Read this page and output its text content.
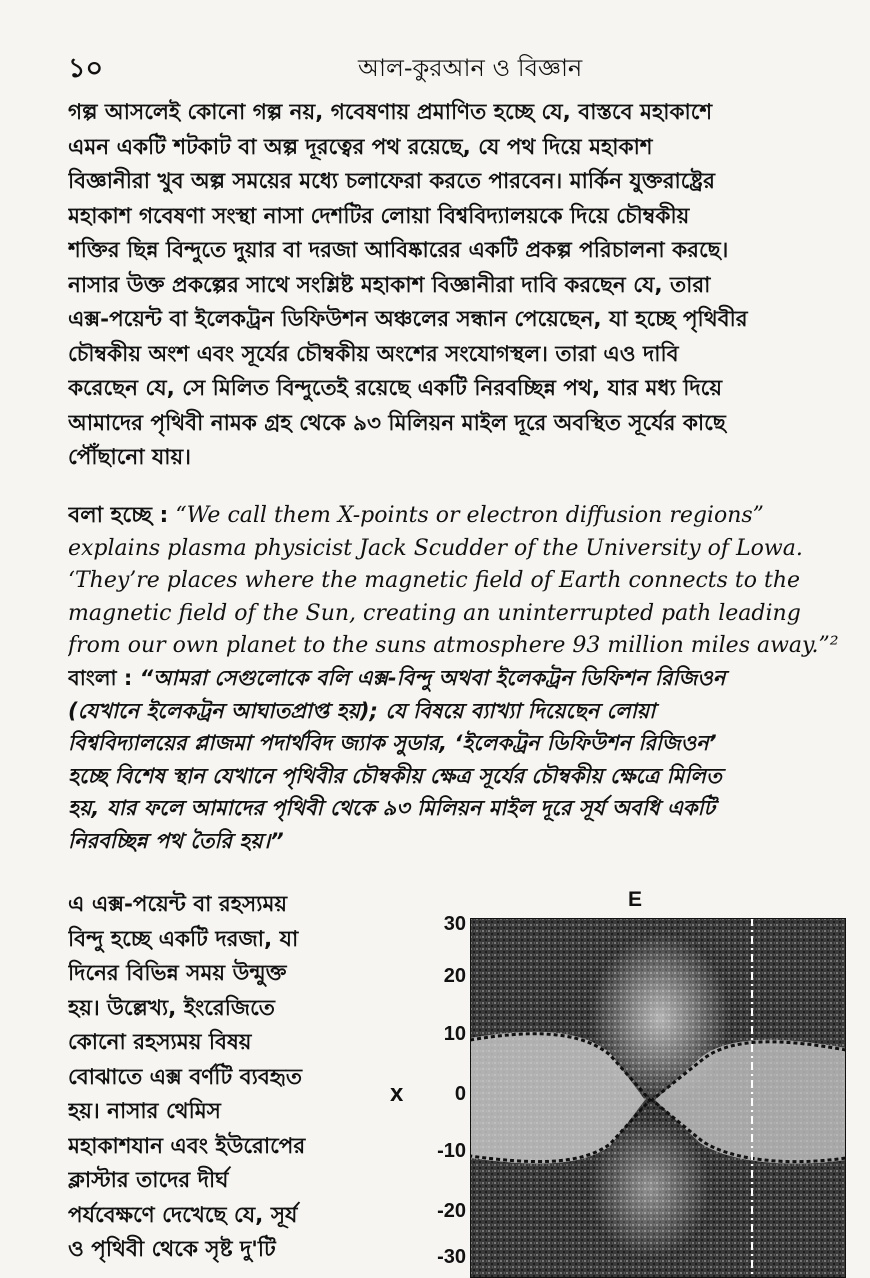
১০	আল-কুরআন ও বিজ্ঞান
গল্প আসলেই কোনো গল্প নয়, গবেষণায় প্রমাণিত হচ্ছে যে, বাস্তবে মহাকাশে
এমন একটি শটকাট বা অল্প দূরত্বের পথ রয়েছে, যে পথ দিয়ে মহাকাশ
বিজ্ঞানীরা খুব অল্প সময়ের মধ্যে চলাফেরা করতে পারবেন। মার্কিন যুক্তরাষ্ট্রের
মহাকাশ গবেষণা সংস্থা নাসা দেশটির লোয়া বিশ্ববিদ্যালয়কে দিয়ে চৌম্বকীয়
শক্তির ছিন্ন বিন্দুতে দুয়ার বা দরজা আবিষ্কারের একটি প্রকল্প পরিচালনা করছে।
নাসার উক্ত প্রকল্পের সাথে সংশ্লিষ্ট মহাকাশ বিজ্ঞানীরা দাবি করছেন যে, তারা
এক্স-পয়েন্ট বা ইলেকট্রন ডিফিউশন অঞ্চলের সন্ধান পেয়েছেন, যা হচ্ছে পৃথিবীর
চৌম্বকীয় অংশ এবং সূর্যের চৌম্বকীয় অংশের সংযোগস্থল। তারা এও দাবি
করেছেন যে, সে মিলিত বিন্দুতেই রয়েছে একটি নিরবচ্ছিন্ন পথ, যার মধ্য দিয়ে
আমাদের পৃথিবী নামক গ্রহ থেকে ৯৩ মিলিয়ন মাইল দূরে অবস্থিত সূর্যের কাছে
পৌঁছানো যায়।
বলা হচ্ছে : “We call them X-points or electron diffusion regions”
explains plasma physicist Jack Scudder of the University of Lowa.
‘They’re places where the magnetic field of Earth connects to the
magnetic field of the Sun, creating an uninterrupted path leading
from our own planet to the suns atmosphere 93 million miles away.”²
বাংলা : “আমরা সেগুলোকে বলি এক্স-বিন্দু অথবা ইলেকট্রন ডিফিশন রিজিওন
(যেখানে ইলেকট্রন আঘাতপ্রাপ্ত হয়); যে বিষয়ে ব্যাখ্যা দিয়েছেন লোয়া
বিশ্ববিদ্যালয়ের প্লাজমা পদার্থবিদ জ্যাক সুডার, ‘ইলেকট্রন ডিফিউশন রিজিওন’
হচ্ছে বিশেষ স্থান যেখানে পৃথিবীর চৌম্বকীয় ক্ষেত্র সূর্যের চৌম্বকীয় ক্ষেত্রে মিলিত
হয়, যার ফলে আমাদের পৃথিবী থেকে ৯৩ মিলিয়ন মাইল দূরে সূর্য অবধি একটি
নিরবচ্ছিন্ন পথ তৈরি হয়।”
এ এক্স-পয়েন্ট বা রহস্যময়
বিন্দু হচ্ছে একটি দরজা, যা
দিনের বিভিন্ন সময় উন্মুক্ত
হয়। উল্লেখ্য, ইংরেজিতে
কোনো রহস্যময় বিষয়
বোঝাতে এক্স বর্ণটি ব্যবহৃত
হয়। নাসার থেমিস
মহাকাশযান এবং ইউরোপের
ক্লাস্টার তাদের দীর্ঘ
পর্যবেক্ষণে দেখেছে যে, সূর্য
ও পৃথিবী থেকে সৃষ্ট দু'টি
E
x
30
20
10
0
-10
-20
-30
